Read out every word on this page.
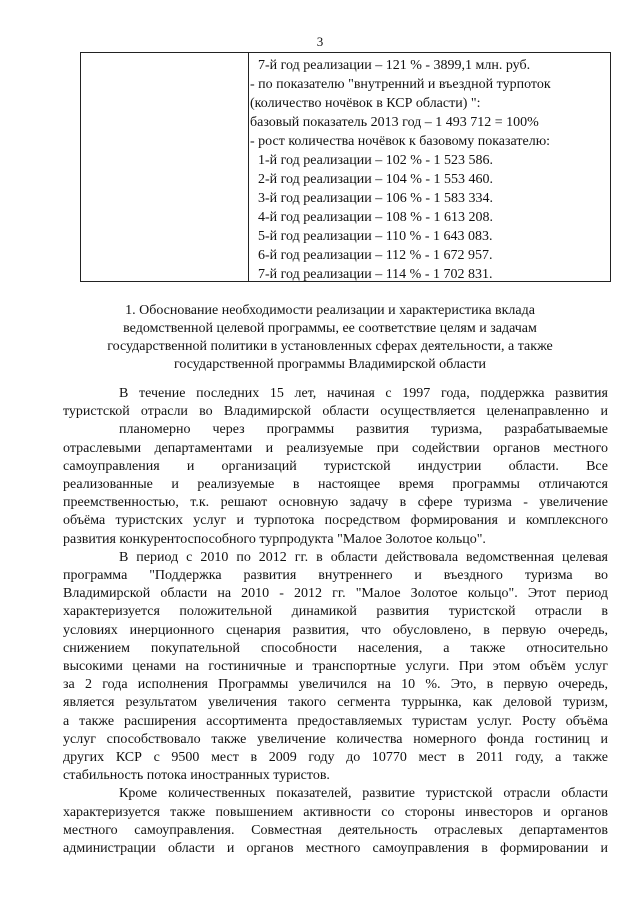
3
7-й год реализации – 121 % - 3899,1 млн. руб.
- по показателю "внутренний и въездной турпоток
(количество ночёвок в КСР области) ":
базовый показатель 2013 год – 1 493 712 = 100%
- рост количества ночёвок к базовому показателю:
1-й год реализации – 102 % - 1 523 586.
2-й год реализации – 104 % - 1 553 460.
3-й год реализации – 106 % - 1 583 334.
4-й год реализации – 108 % - 1 613 208.
5-й год реализации – 110 % - 1 643 083.
6-й год реализации – 112 % - 1 672 957.
7-й год реализации – 114 % - 1 702 831.
1. Обоснование необходимости реализации и характеристика вклада
ведомственной целевой программы, ее соответствие целям и задачам
государственной политики в установленных сферах деятельности, а также
государственной программы Владимирской области
В течение последних 15 лет, начиная с 1997 года, поддержка развития
туристской отрасли во Владимирской области осуществляется целенаправленно и
планомерно через программы развития туризма, разрабатываемые
отраслевыми департаментами и реализуемые при содействии органов местного
самоуправления и организаций туристской индустрии области. Все
реализованные и реализуемые в настоящее время программы отличаются
преемственностью, т.к. решают основную задачу в сфере туризма - увеличение
объёма туристских услуг и турпотока посредством формирования и комплексного
развития конкурентоспособного турпродукта "Малое Золотое кольцо".
В период с 2010 по 2012 гг. в области действовала ведомственная целевая
программа "Поддержка развития внутреннего и въездного туризма во
Владимирской области на 2010 - 2012 гг. "Малое Золотое кольцо". Этот период
характеризуется положительной динамикой развития туристской отрасли в
условиях инерционного сценария развития, что обусловлено, в первую очередь,
снижением покупательной способности населения, а также относительно
высокими ценами на гостиничные и транспортные услуги. При этом объём услуг
за 2 года исполнения Программы увеличился на 10 %. Это, в первую очередь,
является результатом увеличения такого сегмента туррынка, как деловой туризм,
а также расширения ассортимента предоставляемых туристам услуг. Росту объёма
услуг способствовало также увеличение количества номерного фонда гостиниц и
других КСР с 9500 мест в 2009 году до 10770 мест в 2011 году, а также
стабильность потока иностранных туристов.
Кроме количественных показателей, развитие туристской отрасли области
характеризуется также повышением активности со стороны инвесторов и органов
местного самоуправления. Совместная деятельность отраслевых департаментов
администрации области и органов местного самоуправления в формировании и
